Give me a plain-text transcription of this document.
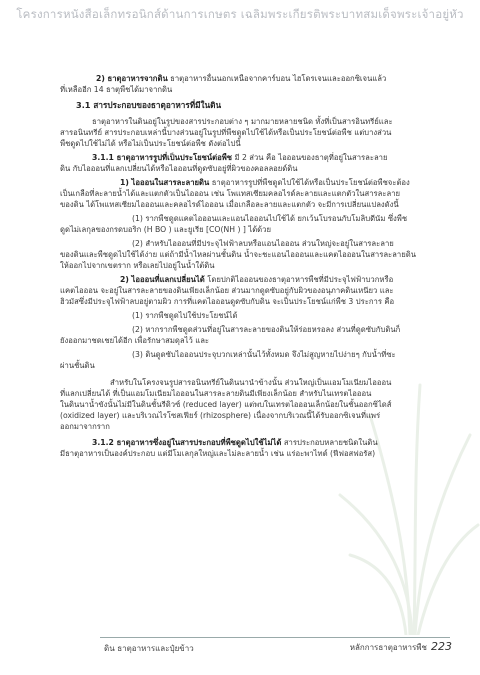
โครงการหนังสือเล็กทรอนิกส์ด้านการเกษตร เฉลิมพระเกียรติพระบาทสมเด็จพระเจ้าอยู่หัว
2) ธาตุอาหารจากดิน ธาตุอาหารอื่นนอกเหนือจากคาร์บอน ไฮโดรเจนและออกซิเจนแล้ว
ที่เหลืออีก 14 ธาตุพืชได้มาจากดิน
3.1 สารประกอบของธาตุอาหารที่มีในดิน
ธาตุอาหารในดินอยู่ในรูปของสารประกอบต่าง ๆ มากมายหลายชนิด ทั้งที่เป็นสารอินทรีย์และ
สารอนินทรีย์ สารประกอบเหล่านี้บางส่วนอยู่ในรูปที่พืชดูดไปใช้ได้หรือเป็นประโยชน์ต่อพืช แต่บางส่วน
พืชดูดไปใช้ไม่ได้ หรือไม่เป็นประโยชน์ต่อพืช ดังต่อไปนี้
3.1.1 ธาตุอาหารรูปที่เป็นประโยชน์ต่อพืช มี 2 ส่วน คือ ไอออนของธาตุที่อยู่ในสารละลาย
ดิน กับไอออนที่แลกเปลี่ยนได้หรือไอออนที่ดูดซับอยู่ที่ผิวของคอลลอยด์ดิน
1) ไอออนในสารละลายดิน ธาตุอาหารรูปที่พืชดูดไปใช้ได้หรือเป็นประโยชน์ต่อพืชจะต้อง
เป็นเกลือที่ละลายน้ำได้และแตกตัวเป็นไอออน เช่น โพแทสเซียมคลอไรด์ละลายและแตกตัวในสารละลาย
ของดิน ได้โพแทสเซียมไอออนและคลอไรด์ไอออน เมื่อเกลือละลายและแตกตัว จะมีการเปลี่ยนแปลงดังนี้
(1) ราก​พืชดูดแคตไอออนและแอนไอออนไปใช้ได้ ยกเว้นโบรอนกับโมลิบดีนัม ซึ่งพืช
ดูดไม่เลกุลของกรดบอริก (H BO ) และยูเรีย [CO(NH ) ] ได้ด้วย
(2) สำหรับไอออนที่มีประจุไฟฟ้าลบหรือแอนไอออน ส่วนใหญ่จะอยู่ในสารละลาย
ของดินและพืชดูดไปใช้ได้ง่าย แต่ถ้ามีน้ำไหลผ่านชั้นดิน น้ำจะชะแอนไอออนและแคตไอออนในสารละลายดิน
ให้ออกไปจากเขตราก หรือเลยไปอยู่ในน้ำใต้ดิน
2) ไอออนที่แลกเปลี่ยนได้ โดยปกติไอออนของธาตุอาหารพืชที่มีประจุไฟฟ้าบวกหรือ
แคตไอออน จะอยู่ในสารละลายของดินเพียงเล็กน้อย ส่วนมากดูดซับอยู่กับผิวของอนุภาคดินเหนียว และ
ฮิวมัสซึ่งมีประจุไฟฟ้าลบอยู่ตามผิว การที่แคตไอออนดูดซับกับดิน จะเป็นประโยชน์แก่พืช 3 ประการ คือ
(1) ราก​พืชดูดไปใช้ประโยชน์ได้
(2) หากรากพืชดูดส่วนที่อยู่ในสารละลายของดินให้ร่อยหรอลง ส่วนที่ดูดซับกับดินก็
ยังออกมาชดเชยได้อีก เพื่อรักษาสมดุลไว้ และ
(3) ดินดูดซับไอออนประจุบวกเหล่านั้นไว้ทั้งหมด จึงไม่สูญหายไปง่ายๆ กับน้ำที่ซะ
ผ่านชั้นดิน
สำหรับในโครงจนรูปสารอนินทรีย์ในดินนานำข้างนั้น ส่วนใหญ่เป็นแอมโมเนียมไอออน
ที่แลกเปลี่ยนได้ ที่เป็นแอมโมเนียมไอออนในสารละลายดินมีเพียงเล็กน้อย สำหรับไนเทรตไอออน
ในดินนาน้ำขังนั้นไม่มีในดินชั้นรีดิวซ์ (reduced layer) แต่พบในเทรตไอออนเล็กน้อยในชั้นออกซิไดส์
(oxidized layer) และบริเวณไรโซสเฟียร์ (rhizosphere) เนื่องจากบริเวณนี้ได้รับออกซิเจนที่แพร่
ออกมาจากราก
3.1.2 ธาตุอาหารซึ่งอยู่ในสารประกอบที่พืชดูดไปใช้ไม่ได้ สารประกอบหลายชนิดในดิน
มีธาตุอาหารเป็นองค์ประกอบ แต่มีโมเลกุลใหญ่และไม่ละลายน้ำ เช่น แร่อะพาไทต์ (ฟีฟอสฟอรัส)
ดิน ธาตุอาหารและปุ๋ยข้าว	หลักการธาตุอาหารพืช 223
